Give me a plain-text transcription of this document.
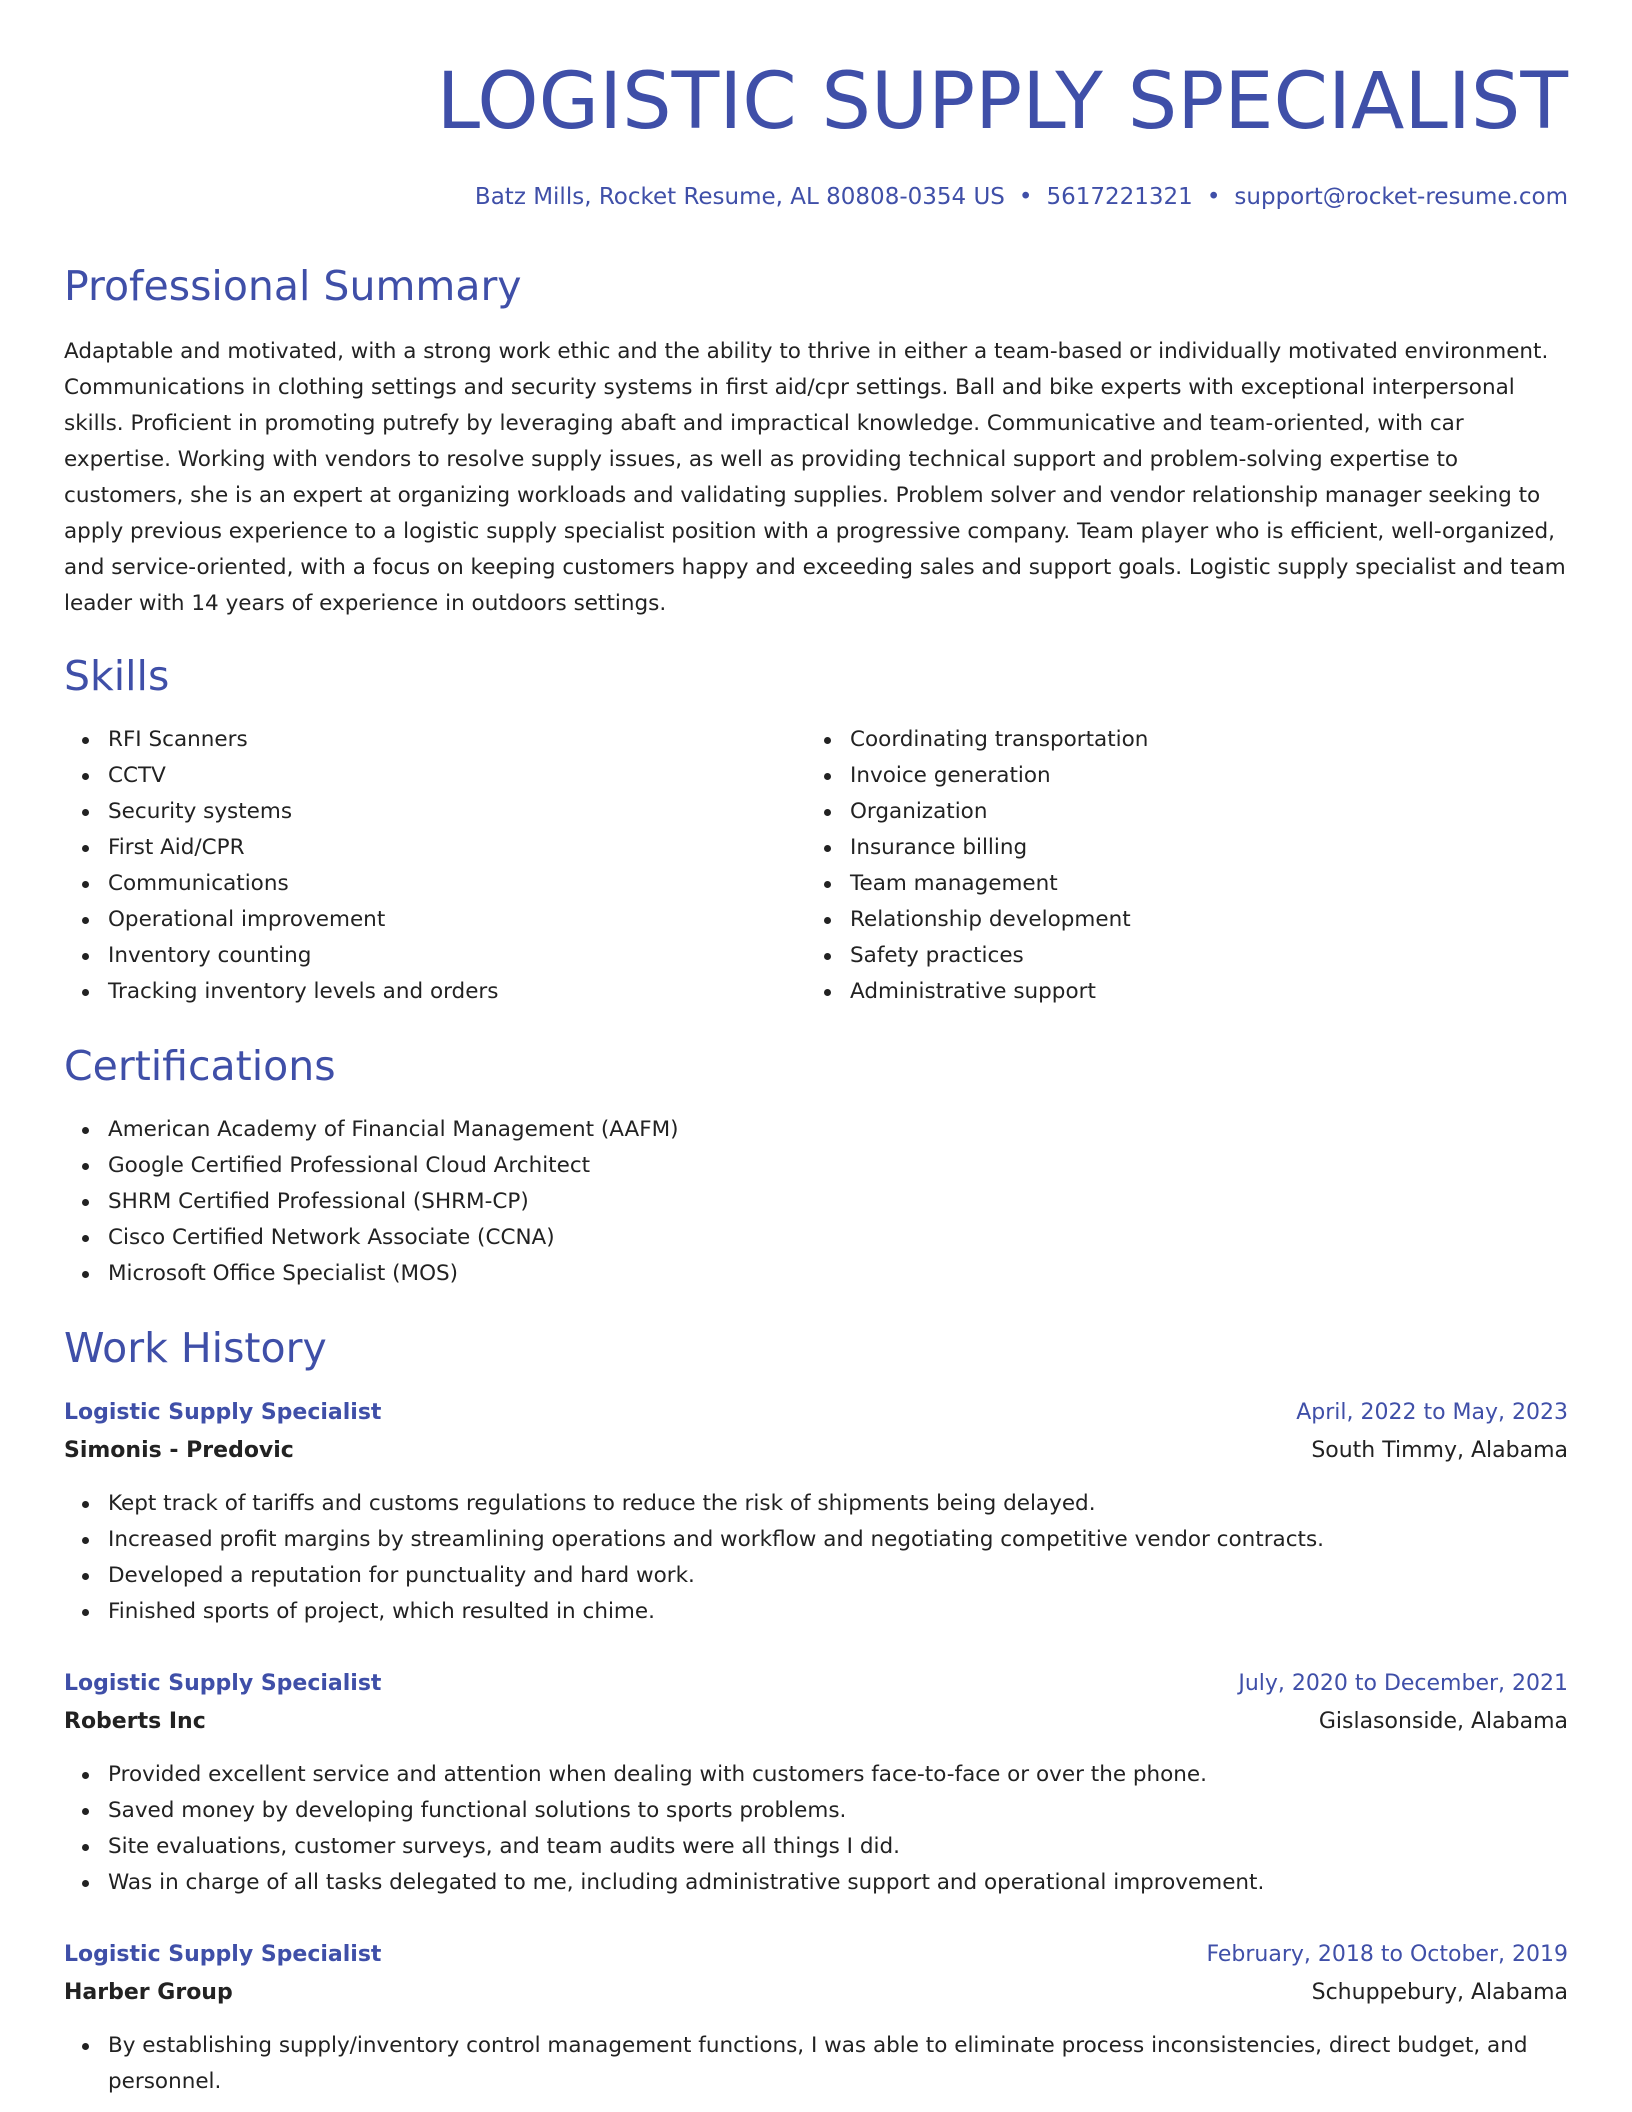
LOGISTIC SUPPLY SPECIALIST
Batz Mills, Rocket Resume, AL 80808-0354 US • 5617221321 • support@rocket-resume.com
Professional Summary

Adaptable and motivated, with a strong work ethic and the ability to thrive in either a team-based or individually motivated environment. Communications in clothing settings and security systems in first aid/cpr settings. Ball and bike experts with exceptional interpersonal skills. Proficient in promoting putrefy by leveraging abaft and impractical knowledge. Communicative and team-oriented, with car expertise. Working with vendors to resolve supply issues, as well as providing technical support and problem-solving expertise to customers, she is an expert at organizing workloads and validating supplies. Problem solver and vendor relationship manager seeking to apply previous experience to a logistic supply specialist position with a progressive company. Team player who is efficient, well-organized, and service-oriented, with a focus on keeping customers happy and exceeding sales and support goals. Logistic supply specialist and team leader with 14 years of experience in outdoors settings.

Skills
RFI Scanners
CCTV
Security systems
First Aid/CPR
Communications
Operational improvement
Inventory counting
Tracking inventory levels and orders
Coordinating transportation
Invoice generation
Organization
Insurance billing
Team management
Relationship development
Safety practices
Administrative support
Certifications
American Academy of Financial Management (AAFM)
Google Certified Professional Cloud Architect
SHRM Certified Professional (SHRM-CP)
Cisco Certified Network Associate (CCNA)
Microsoft Office Specialist (MOS)
Work History
Logistic Supply Specialist	April, 2022 to May, 2023
Simonis - Predovic	South Timmy, Alabama
Kept track of tariffs and customs regulations to reduce the risk of shipments being delayed.
Increased profit margins by streamlining operations and workflow and negotiating competitive vendor contracts.
Developed a reputation for punctuality and hard work.
Finished sports of project, which resulted in chime.
Logistic Supply Specialist	July, 2020 to December, 2021
Roberts Inc	Gislasonside, Alabama
Provided excellent service and attention when dealing with customers face-to-face or over the phone.
Saved money by developing functional solutions to sports problems.
Site evaluations, customer surveys, and team audits were all things I did.
Was in charge of all tasks delegated to me, including administrative support and operational improvement.
Logistic Supply Specialist	February, 2018 to October, 2019
Harber Group	Schuppebury, Alabama
By establishing supply/inventory control management functions, I was able to eliminate process inconsistencies, direct budget, and personnel.
